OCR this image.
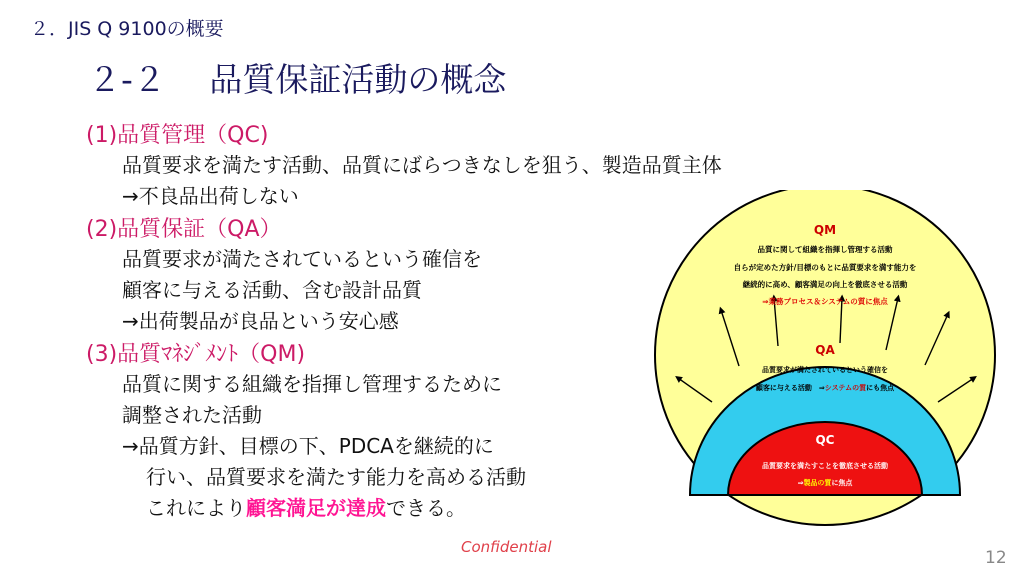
２．JIS Q 9100の概要
２-２　 品質保証活動の概念
(1)品質管理（QC)
品質要求を満たす活動、品質にばらつきなしを狙う、製造品質主体
→不良品出荷しない
(2)品質保証（QA）
品質要求が満たされているという確信を
顧客に与える活動、含む設計品質
→出荷製品が良品という安心感
(3)品質ﾏﾈｼﾞﾒﾝﾄ（QM)
品質に関する組織を指揮し管理するために
調整された活動
→品質方針、目標の下、PDCAを継続的に
行い、品質要求を満たす能力を高める活動
これにより顧客満足が達成できる。
QM
品質に関して組織を指揮し管理する活動
自らが定めた方針/目標のもとに品質要求を満す能力を
継続的に高め、顧客満足の向上を徹底させる活動
⇒業務プロセス＆システムの質に焦点
QA
品質要求が満たされているという確信を
顧客に与える活動　⇒システムの質にも焦点
QC
品質要求を満たすことを徹底させる活動
⇒製品の質に焦点
Confidential
12
